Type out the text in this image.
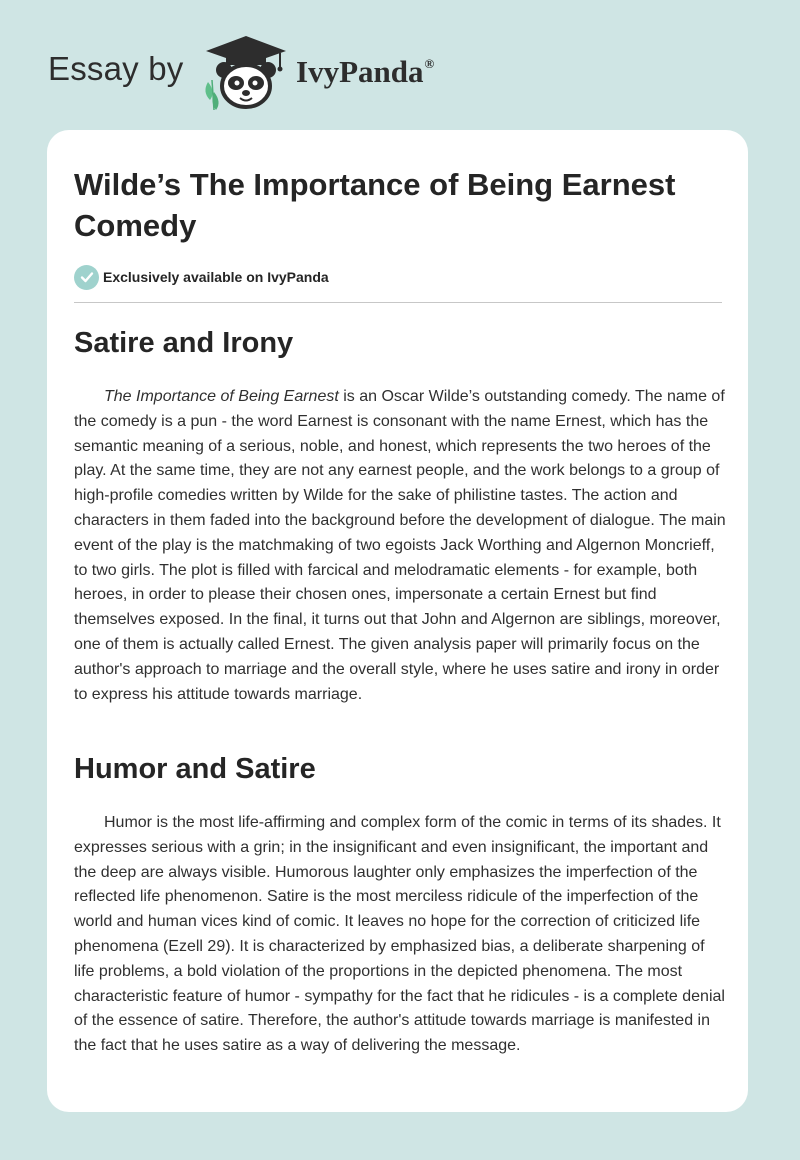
Essay by	IvyPanda®
Wilde’s The Importance of Being Earnest Comedy
Exclusively available on IvyPanda
Satire and Irony

The Importance of Being Earnest is an Oscar Wilde’s outstanding comedy. The name of the comedy is a pun - the word Earnest is consonant with the name Ernest, which has the semantic meaning of a serious, noble, and honest, which represents the two heroes of the play. At the same time, they are not any earnest people, and the work belongs to a group of high-profile comedies written by Wilde for the sake of philistine tastes. The action and characters in them faded into the background before the development of dialogue. The main event of the play is the matchmaking of two egoists Jack Worthing and Algernon Moncrieff, to two girls. The plot is filled with farcical and melodramatic elements - for example, both heroes, in order to please their chosen ones, impersonate a certain Ernest but find themselves exposed. In the final, it turns out that John and Algernon are siblings, moreover, one of them is actually called Ernest. The given analysis paper will primarily focus on the author's approach to marriage and the overall style, where he uses satire and irony in order to express his attitude towards marriage.

Humor and Satire

Humor is the most life-affirming and complex form of the comic in terms of its shades. It expresses serious with a grin; in the insignificant and even insignificant, the important and the deep are always visible. Humorous laughter only emphasizes the imperfection of the reflected life phenomenon. Satire is the most merciless ridicule of the imperfection of the world and human vices kind of comic. It leaves no hope for the correction of criticized life phenomena (Ezell 29). It is characterized by emphasized bias, a deliberate sharpening of life problems, a bold violation of the proportions in the depicted phenomena. The most characteristic feature of humor - sympathy for the fact that he ridicules - is a complete denial of the essence of satire. Therefore, the author's attitude towards marriage is manifested in the fact that he uses satire as a way of delivering the message.
